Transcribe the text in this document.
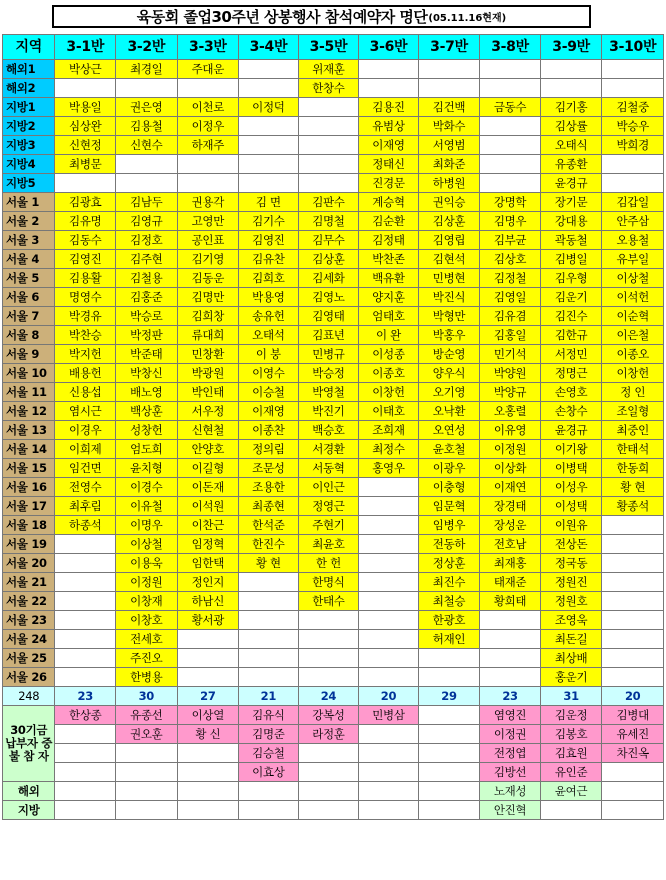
육동회 졸업30주년 상봉행사 참석예약자 명단 (05.11.16현재)
지역	3-1반	3-2반	3-3반	3-4반	3-5반	3-6반	3-7반	3-8반	3-9반	3-10반
해외1	박상근	최경일	주대운		위재훈					
해외2					한창수					
지방1	박용일	권은영	이천로	이정덕		김용진	김건백	금동수	김기홍	김철중
지방2	심상완	김용철	이정우			유범상	박화수		김상률	박승우
지방3	신현정	신현수	하재주			이재영	서영범		오태식	박희경
지방4	최병문					정태신	최화준		유종환	
지방5						진경문	하병원		윤경규	
서울 1	김광효	김남두	권용각	김 면	김판수	계승혁	권익승	강명학	장기문	김갑일
서울 2	김유명	김영규	고영만	김기수	김명철	김순환	김상훈	김명우	강대용	안주삼
서울 3	김동수	김정호	공인표	김영진	김무수	김정태	김영립	김부균	곽동철	오용철
서울 4	김영진	김주현	김기영	김유찬	김상훈	박찬존	김현석	김상호	김병일	유부일
서울 5	김용활	김철용	김동운	김희호	김세화	백유환	민병현	김정철	김우형	이상철
서울 6	명영수	김홍준	김명만	박용영	김영노	양지훈	박진식	김영일	김운기	이석헌
서울 7	박경유	박승로	김희창	송유헌	김영태	엄태호	박형만	김유겸	김진수	이순혁
서울 8	박찬승	박정판	류대희	오태석	김표년	이 완	박홍우	김홍일	김한규	이은철
서울 9	박지헌	박준태	민창환	이 붕	민병규	이성종	방순영	민기석	서정민	이종오
서울 10	배용헌	박창신	박광원	이영수	박승정	이종호	양우식	박양원	정명근	이창헌
서울 11	신용섭	배노영	박인태	이승철	박영철	이창헌	오기영	박양규	손영호	정 인
서울 12	염시근	백상훈	서우정	이재영	박진기	이태호	오낙환	오홍렬	손창수	조일형
서울 13	이경우	성창헌	신현철	이종찬	백승호	조희재	오연성	이유영	윤경규	최중인
서울 14	이희제	엄도희	안양호	정의림	서경환	최정수	윤호철	이정원	이기왕	한태석
서울 15	임건면	윤치형	이길형	조문성	서동혁	홍영우	이광우	이상화	이병택	한동희
서울 16	전영수	이경수	이돈재	조용한	이인근		이충형	이재연	이성우	황 현
서울 17	최후림	이유철	이석원	최종현	정영근		임문혁	장경태	이성택	황종석
서울 18	하종석	이명우	이찬근	한석준	주현기		임병우	장성운	이원유	
서울 19		이상철	임정혁	한진수	최윤호		전동하	전호남	전상돈	
서울 20		이용욱	임한택	황 현	한 헌		정상훈	최재홍	정국동	
서울 21		이정원	정인지		한명식		최진수	태재준	정원진	
서울 22		이창재	하남신		한태수		최철승	황희태	정원호	
서울 23		이창호	황서광				한광호		조영욱	
서울 24		전세호					허재인		최돈길	
서울 25		주진오							최상배	
서울 26		한병용							홍운기	
248	23	30	27	21	24	20	29	23	31	20
30기금 납부자 중 불 참 자	한상종	유종선	이상열	김유식	강복성	민병삼		염영진	김운정	김병대
		권오훈	황 신	김명준	라정훈			이정권	김봉호	유세진
				김승철				전정엽	김효원	차진옥
				이효상				김방선	유인준	
해외								노재성	윤여근	
지방								안진혁		
